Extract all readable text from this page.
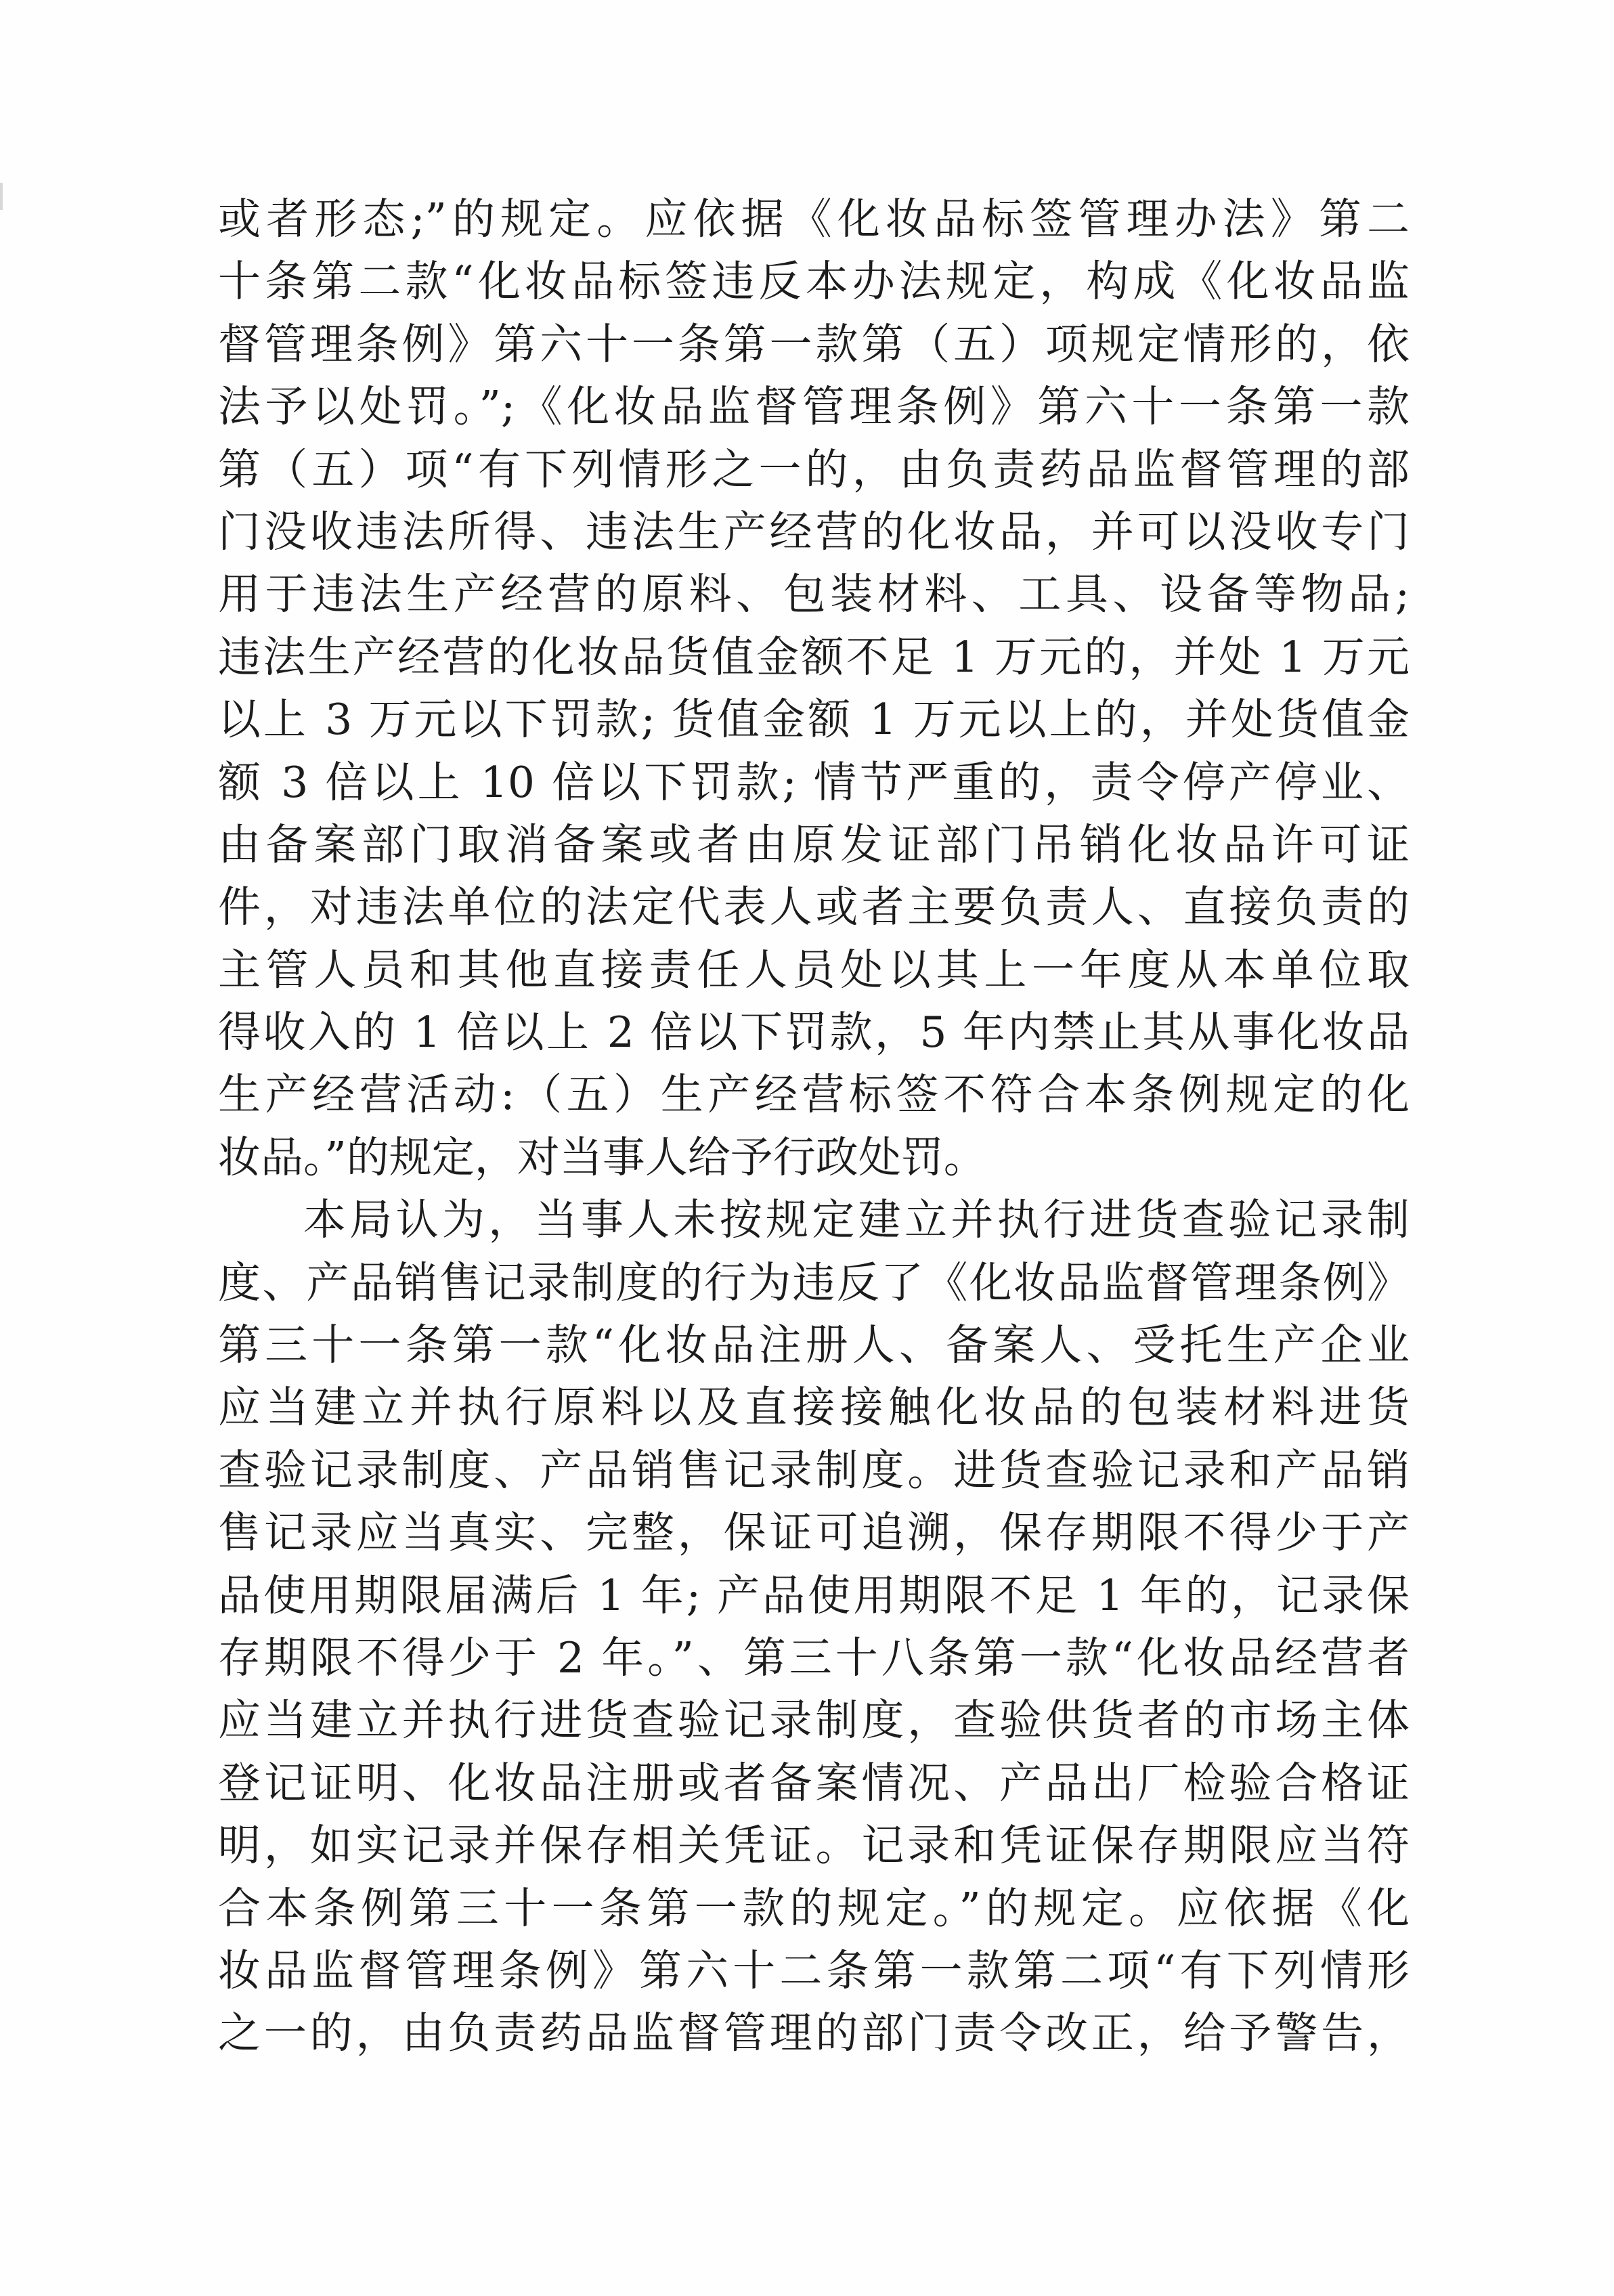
或者形态;”的规定。应依据《化妆品标签管理办法》第二
十条第二款“化妆品标签违反本办法规定，构成《化妆品监
督管理条例》第六十一条第一款第（五）项规定情形的，依
法予以处罚。”;《化妆品监督管理条例》第六十一条第一款
第（五）项“有下列情形之一的，由负责药品监督管理的部
门没收违法所得、违法生产经营的化妆品，并可以没收专门
用于违法生产经营的原料、包装材料、工具、设备等物品;
违法生产经营的化妆品货值金额不足 1 万元的，并处 1 万元
以上 3 万元以下罚款; 货值金额 1 万元以上的，并处货值金
额 3 倍以上 10 倍以下罚款; 情节严重的，责令停产停业、
由备案部门取消备案或者由原发证部门吊销化妆品许可证
件，对违法单位的法定代表人或者主要负责人、直接负责的
主管人员和其他直接责任人员处以其上一年度从本单位取
得收入的 1 倍以上 2 倍以下罚款，5 年内禁止其从事化妆品
生产经营活动:（五）生产经营标签不符合本条例规定的化
妆品。”的规定，对当事人给予行政处罚。
本局认为，当事人未按规定建立并执行进货查验记录制
度、产品销售记录制度的行为违反了《化妆品监督管理条例》
第三十一条第一款“化妆品注册人、备案人、受托生产企业
应当建立并执行原料以及直接接触化妆品的包装材料进货
查验记录制度、产品销售记录制度。进货查验记录和产品销
售记录应当真实、完整，保证可追溯，保存期限不得少于产
品使用期限届满后 1 年; 产品使用期限不足 1 年的，记录保
存期限不得少于 2 年。”、第三十八条第一款“化妆品经营者
应当建立并执行进货查验记录制度，查验供货者的市场主体
登记证明、化妆品注册或者备案情况、产品出厂检验合格证
明，如实记录并保存相关凭证。记录和凭证保存期限应当符
合本条例第三十一条第一款的规定。”的规定。应依据《化
妆品监督管理条例》第六十二条第一款第二项“有下列情形
之一的，由负责药品监督管理的部门责令改正，给予警告，
